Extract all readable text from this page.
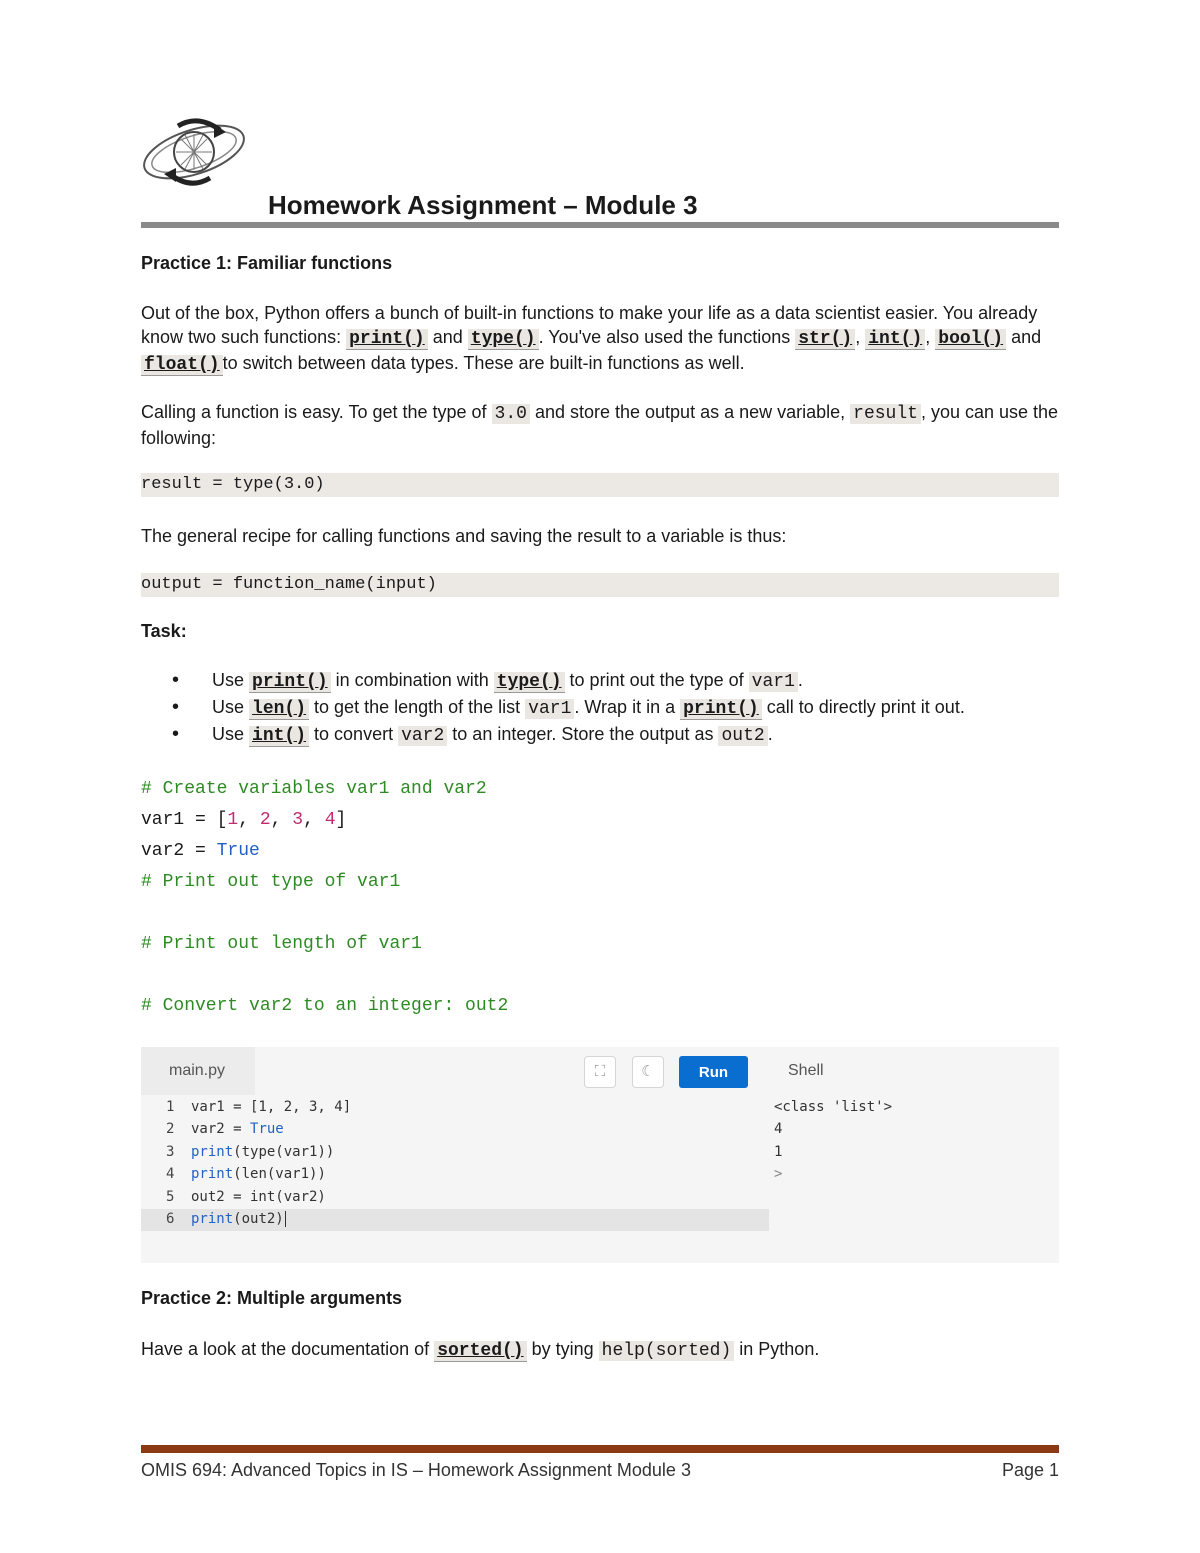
Homework Assignment – Module 3
Practice 1: Familiar functions
Out of the box, Python offers a bunch of built-in functions to make your life as a data scientist easier. You already know two such functions: print() and type() . You've also used the functions str() , int() , bool() and float() to switch between data types. These are built-in functions as well.
Calling a function is easy. To get the type of 3.0 and store the output as a new variable, result , you can use the following:
result = type(3.0)
The general recipe for calling functions and saving the result to a variable is thus:
output = function_name(input)
Task:
• Use print() in combination with type() to print out the type of var1 .
• Use len() to get the length of the list var1 . Wrap it in a print() call to directly print it out.
• Use int() to convert var2 to an integer. Store the output as out2 .
# Create variables var1 and var2
var1 = [1, 2, 3, 4]
var2 = True
# Print out type of var1

# Print out length of var1

# Convert var2 to an integer: out2
main.py	⛶	☾	Run	Shell
1 var1 = [1, 2, 3, 4]
2 var2 = True
3 print(type(var1))
4 print(len(var1))
5 out2 = int(var2)
6 print(out2)
<class 'list'>
4
1
>
Practice 2: Multiple arguments
Have a look at the documentation of sorted() by tying help(sorted) in Python.
OMIS 694: Advanced Topics in IS – Homework Assignment Module 3	Page 1
